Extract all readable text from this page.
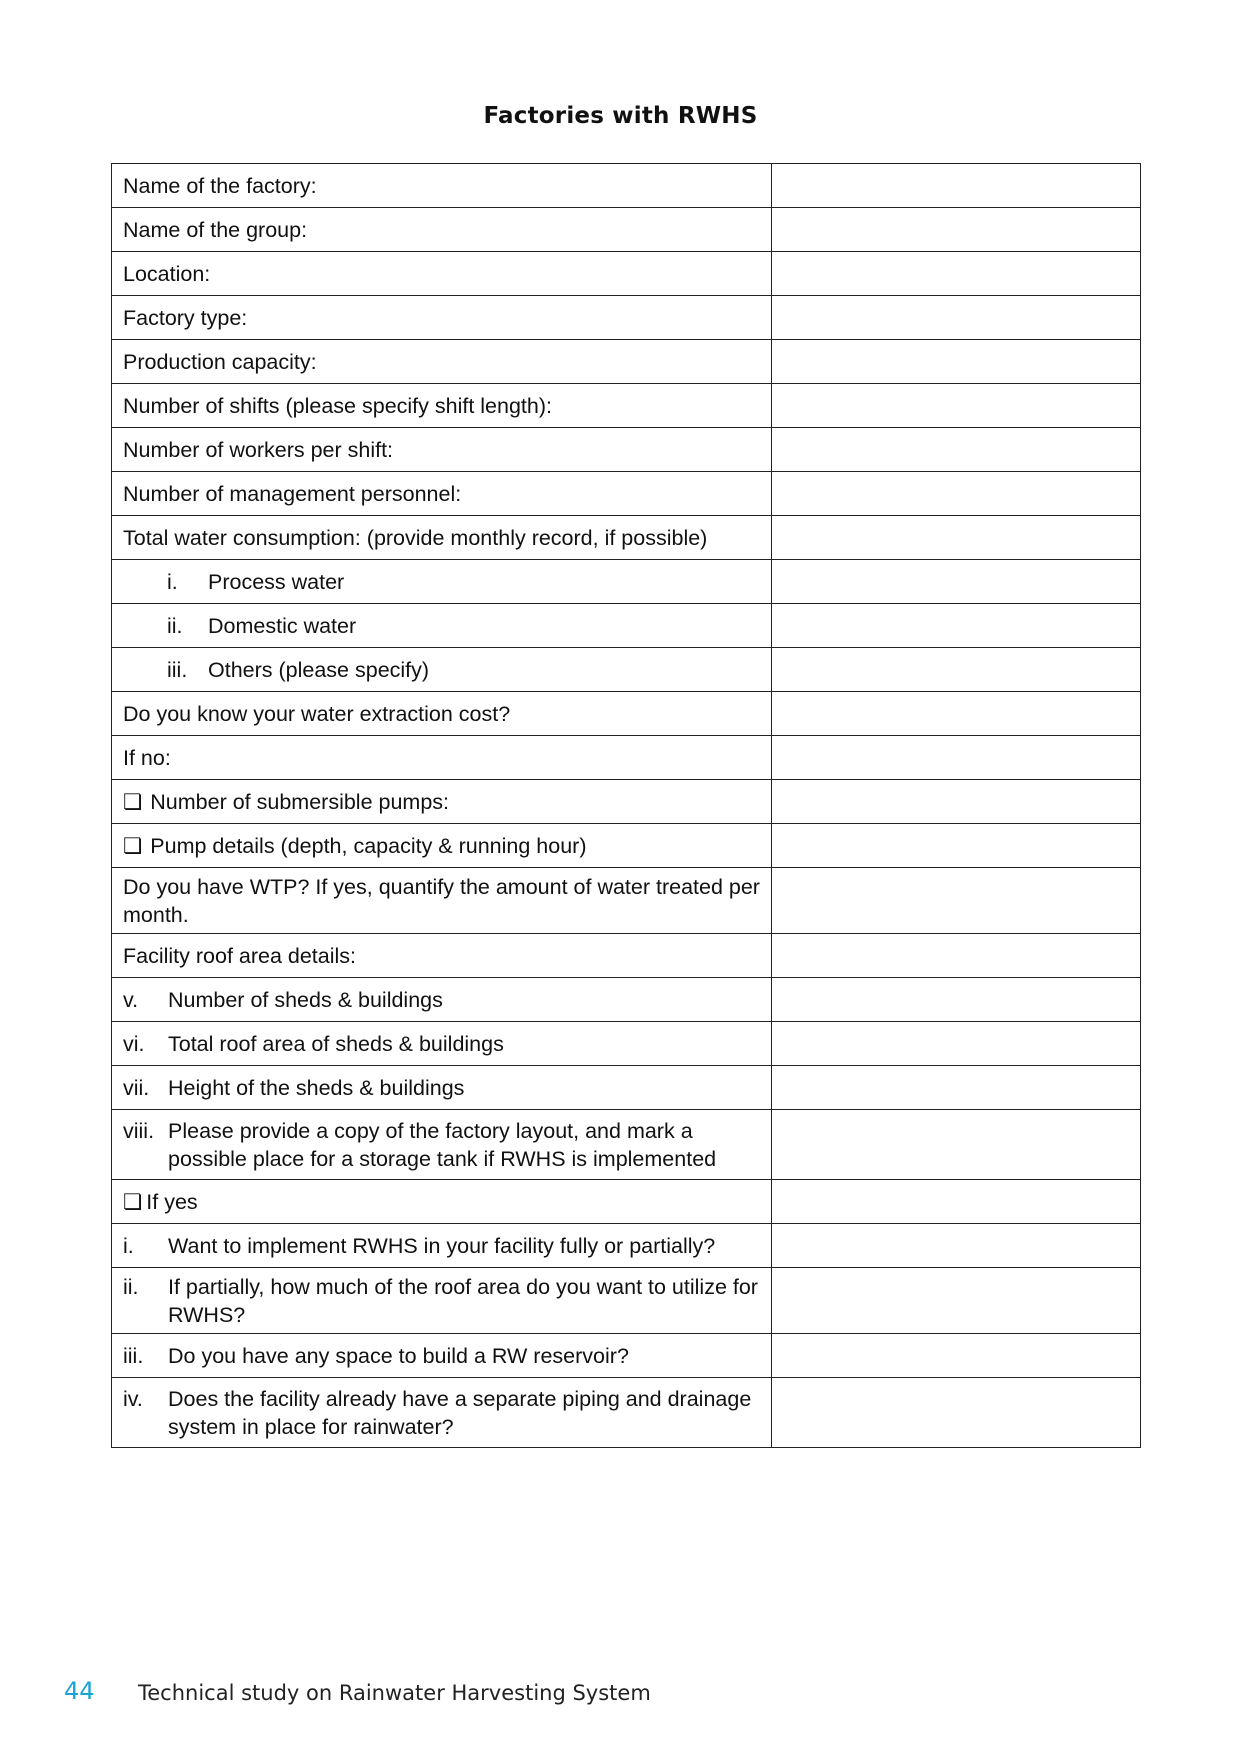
Factories with RWHS
Name of the factory:	
Name of the group:	
Location:	
Factory type:	
Production capacity:	
Number of shifts (please specify shift length):	
Number of workers per shift:	
Number of management personnel:	
Total water consumption: (provide monthly record, if possible)	

i. Process water	

ii. Domestic water	

iii. Others (please specify)	

Do you know your water extraction cost?	
If no:	
❏ Number of submersible pumps:	
❏ Pump details (depth, capacity & running hour)	
Do you have WTP? If yes, quantify the amount of water treated per month.	
Facility roof area details:	

v. Number of sheds & buildings	

vi. Total roof area of sheds & buildings	

vii. Height of the sheds & buildings	

viii. Please provide a copy of the factory layout, and mark a possible place for a storage tank if RWHS is implemented	

❏ If yes	

i. Want to implement RWHS in your facility fully or partially?	

ii. If partially, how much of the roof area do you want to utilize for RWHS?	

iii. Do you have any space to build a RW reservoir?	

iv. Does the facility already have a separate piping and drainage system in place for rainwater?	

44 Technical study on Rainwater Harvesting System
